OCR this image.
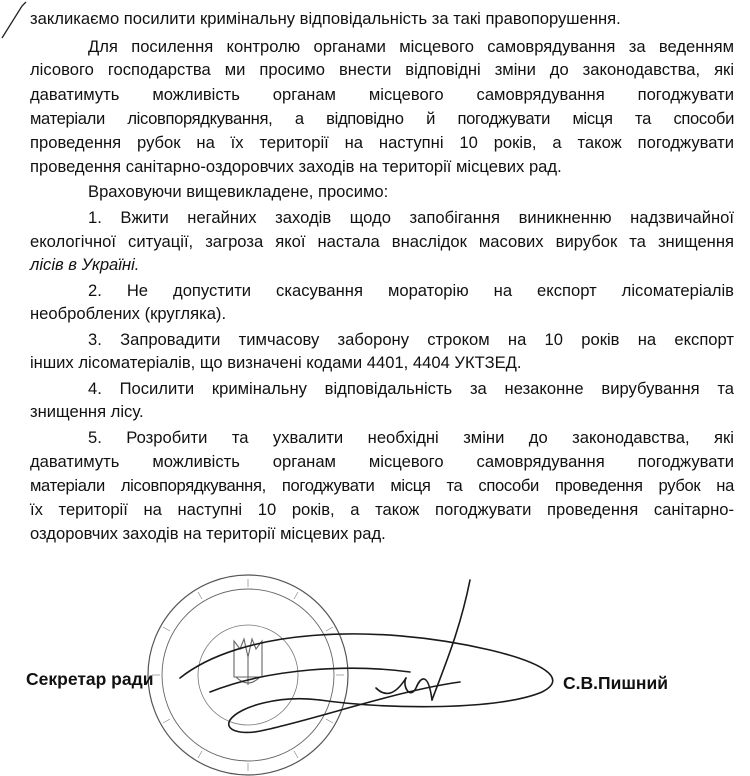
закликаємо посилити кримінальну відповідальність за такі правопорушення.
Для посилення контролю органами місцевого самоврядування за веденням
лісового господарства ми просимо внести відповідні зміни до законодавства, які
даватимуть можливість органам місцевого самоврядування погоджувати
матеріали лісовпорядкування, а відповідно й погоджувати місця та способи
проведення рубок на їх території на наступні 10 років, а також погоджувати
проведення санітарно-оздоровчих заходів на території місцевих рад.
Враховуючи вищевикладене, просимо:
1. Вжити негайних заходів щодо запобігання виникненню надзвичайної
екологічної ситуації, загроза якої настала внаслідок масових вирубок та знищення
лісів в Україні.
2. Не допустити скасування мораторію на експорт лісоматеріалів
необроблених (кругляка).
3. Запровадити тимчасову заборону строком на 10 років на експорт
інших лісоматеріалів, що визначені кодами 4401, 4404 УКТЗЕД.
4. Посилити кримінальну відповідальність за незаконне вирубування та
знищення лісу.
5. Розробити та ухвалити необхідні зміни до законодавства, які
даватимуть можливість органам місцевого самоврядування погоджувати
матеріали лісовпорядкування, погоджувати місця та способи проведення рубок на
їх території на наступні 10 років, а також погоджувати проведення санітарно-
оздоровчих заходів на території місцевих рад.
Секретар ради	С.В.Пишний
